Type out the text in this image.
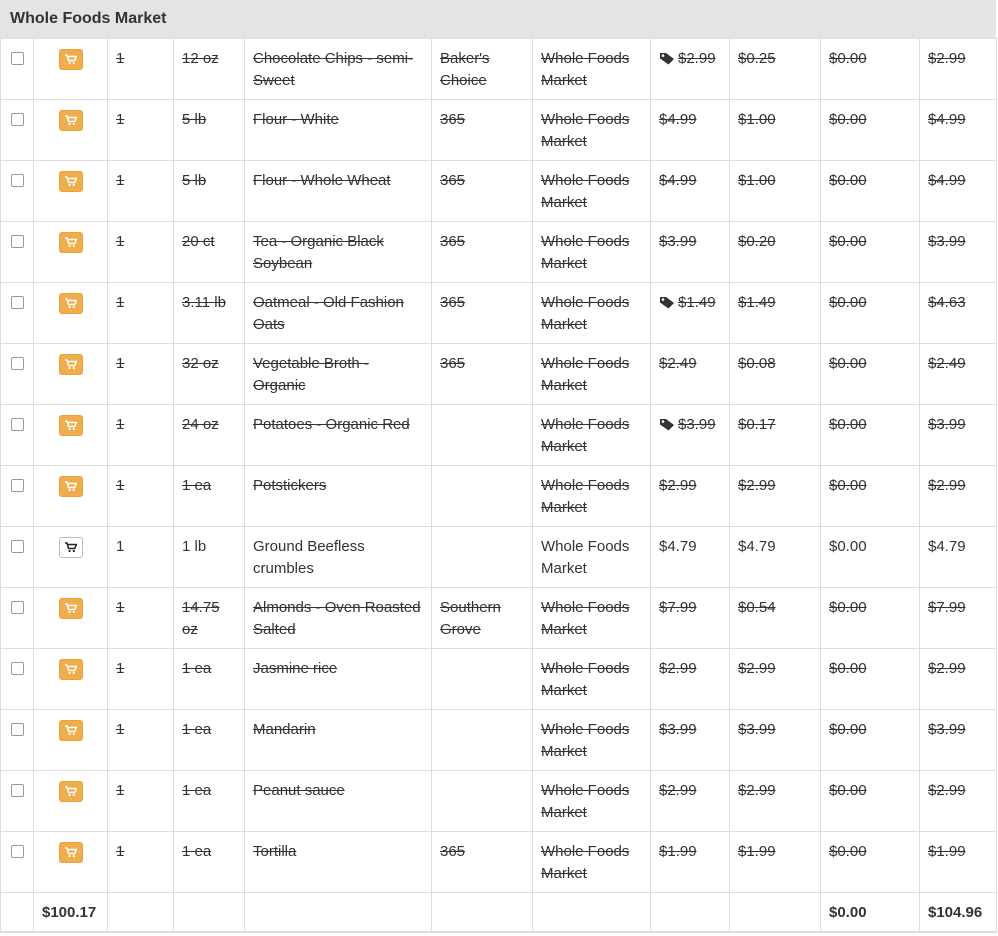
Whole Foods Market

	1	12 oz	Chocolate Chips - semi-Sweet	Baker's Choice	Whole Foods Market	$2.99	$0.25	$0.00	$2.99

	1	5 lb	Flour - White	365	Whole Foods Market	$4.99	$1.00	$0.00	$4.99

	1	5 lb	Flour - Whole Wheat	365	Whole Foods Market	$4.99	$1.00	$0.00	$4.99

	1	20 ct	Tea - Organic Black Soybean	365	Whole Foods Market	$3.99	$0.20	$0.00	$3.99

	1	3.11 lb	Oatmeal - Old Fashion Oats	365	Whole Foods Market	$1.49	$1.49	$0.00	$4.63

	1	32 oz	Vegetable Broth - Organic	365	Whole Foods Market	$2.49	$0.08	$0.00	$2.49

	1	24 oz	Potatoes - Organic Red		Whole Foods Market	$3.99	$0.17	$0.00	$3.99

	1	1 ea	Potstickers		Whole Foods Market	$2.99	$2.99	$0.00	$2.99

	1	1 lb	Ground Beefless crumbles		Whole Foods Market	$4.79	$4.79	$0.00	$4.79

	1	14.75 oz	Almonds - Oven Roasted Salted	Southern Grove	Whole Foods Market	$7.99	$0.54	$0.00	$7.99

	1	1 ea	Jasmine rice		Whole Foods Market	$2.99	$2.99	$0.00	$2.99

	1	1 ea	Mandarin		Whole Foods Market	$3.99	$3.99	$0.00	$3.99

	1	1 ea	Peanut sauce		Whole Foods Market	$2.99	$2.99	$0.00	$2.99

	1	1 ea	Tortilla	365	Whole Foods Market	$1.99	$1.99	$0.00	$1.99
	$100.17								$0.00	$104.96
